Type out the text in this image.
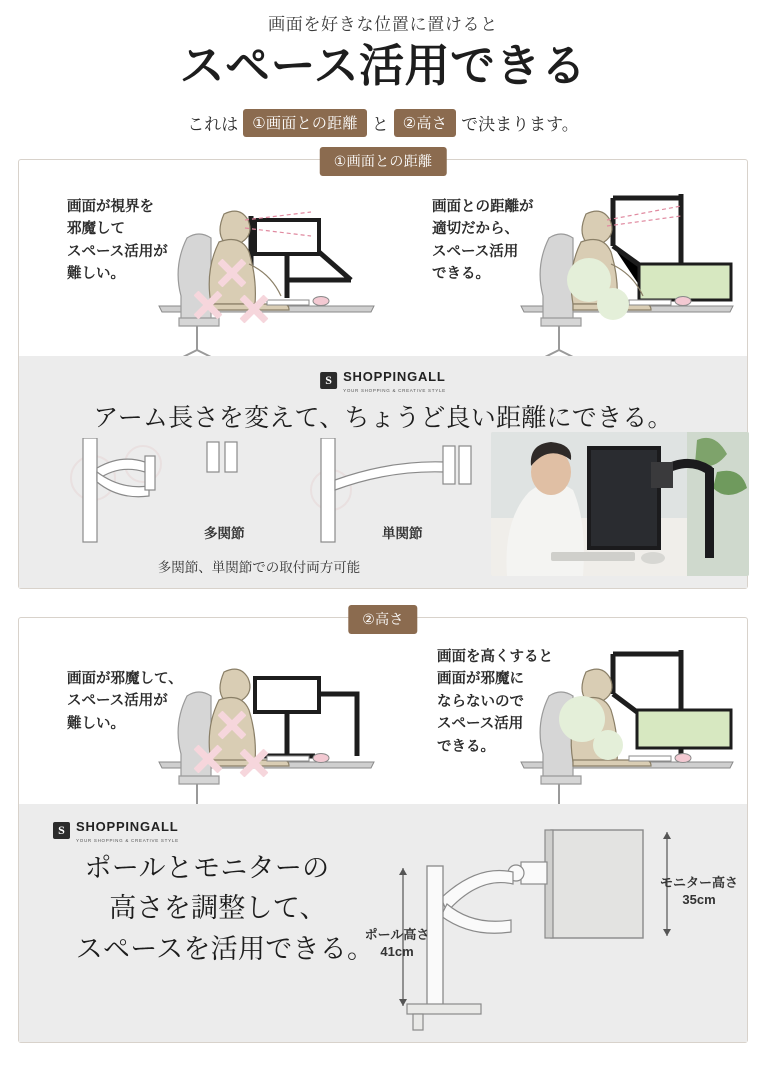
画面を好きな位置に置けると
スペース活用できる
これは ①画面との距離 と ②高さ で決まります。
①画面との距離
画面が視界を
邪魔して
スペース活用が
難しい。
画面との距離が
適切だから、
スペース活用
できる。
S SHOPPINGALL
YOUR SHOPPING & CREATIVE STYLE
アーム長さを変えて、ちょうど良い距離にできる。
多関節	単関節
多関節、単関節での取付両方可能
②高さ
画面が邪魔して、
スペース活用が
難しい。
画面を高くすると
画面が邪魔に
ならないので
スペース活用
できる。
S SHOPPINGALL
YOUR SHOPPING & CREATIVE STYLE
ポールとモニターの
高さを調整して、
スペースを活用できる。
ポール高さ
41cm
モニター高さ
35cm
